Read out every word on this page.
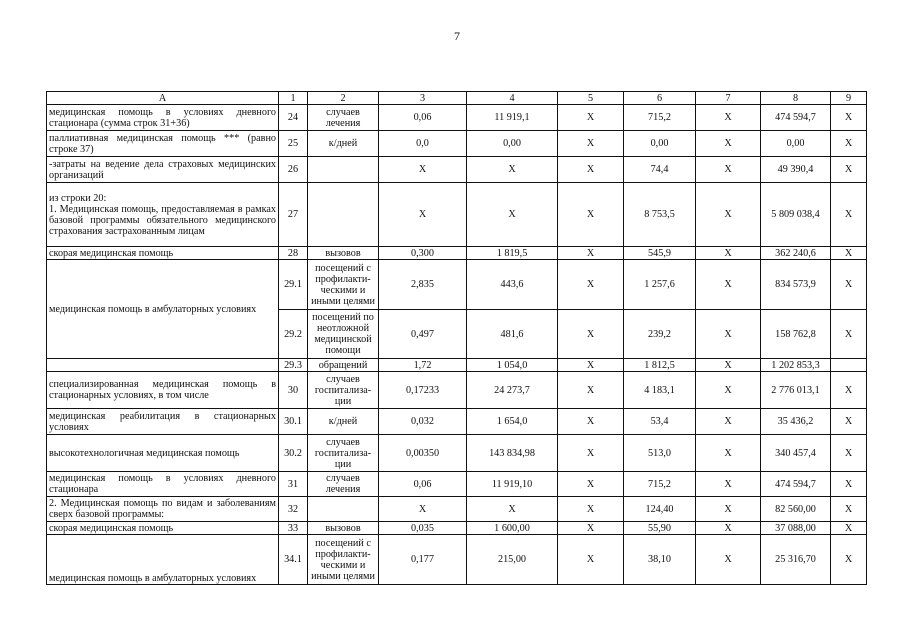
7
А	1	2	3	4	5	6	7	8	9
медицинская помощь в условиях дневного стационара (сумма строк 31+36)	24	случаев лечения	0,06	11 919,1	X	715,2	X	474 594,7	X
паллиативная медицинская помощь *** (равно строке 37)	25	к/дней	0,0	0,00	X	0,00	X	0,00	X
-затраты на ведение дела страховых медицинских организаций	26		X	X	X	74,4	X	49 390,4	X
из строки 20:
1. Медицинская помощь, предоставляемая в рамках базовой программы обязательного медицинского страхования застрахованным лицам	27		X	X	X	8 753,5	X	5 809 038,4	X
скорая медицинская помощь	28	вызовов	0,300	1 819,5	X	545,9	X	362 240,6	X
медицинская помощь в амбулаторных условиях	29.1	посещений с профилакти-ческими и иными целями	2,835	443,6	X	1 257,6	X	834 573,9	X
	29.2	посещений по неотложной медицинской помощи	0,497	481,6	X	239,2	X	158 762,8	X
	29.3	обращений	1,72	1 054,0	X	1 812,5	X	1 202 853,3	
специализированная медицинская помощь в стационарных условиях, в том числе	30	случаев госпитализа-ции	0,17233	24 273,7	X	4 183,1	X	2 776 013,1	X
медицинская реабилитация в стационарных условиях	30.1	к/дней	0,032	1 654,0	X	53,4	X	35 436,2	X
высокотехнологичная медицинская помощь	30.2	случаев госпитализа-ции	0,00350	143 834,98	X	513,0	X	340 457,4	X
медицинская помощь в условиях дневного стационара	31	случаев лечения	0,06	11 919,10	X	715,2	X	474 594,7	X
2. Медицинская помощь по видам и заболеваниям сверх базовой программы:	32		X	X	X	124,40	X	82 560,00	X
скорая медицинская помощь	33	вызовов	0,035	1 600,00	X	55,90	X	37 088,00	X
медицинская помощь в амбулаторных условиях	34.1	посещений с профилакти-ческими и иными целями	0,177	215,00	X	38,10	X	25 316,70	X
